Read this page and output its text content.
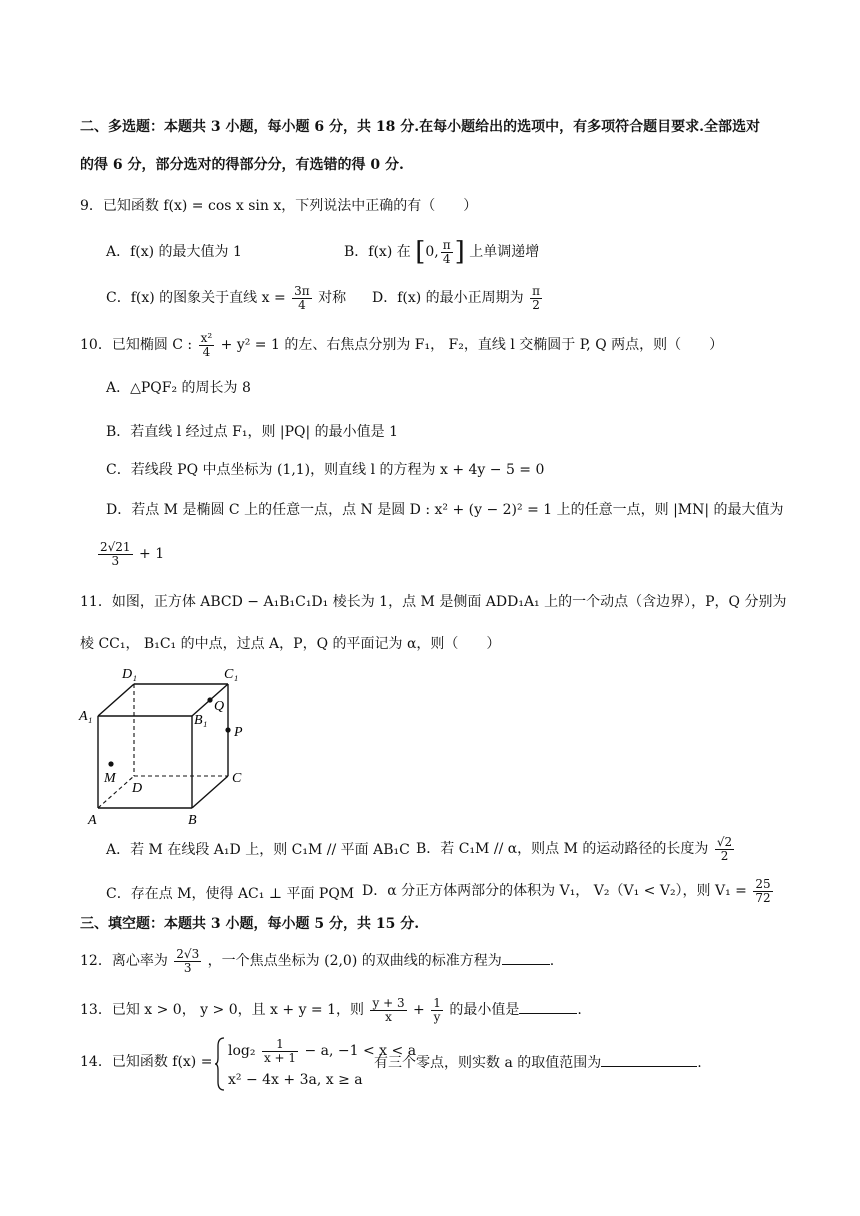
二、多选题：本题共 3 小题，每小题 6 分，共 18 分.在每小题给出的选项中，有多项符合题目要求.全部选对
的得 6 分，部分选对的得部分分，有选错的得 0 分.
9．已知函数 f(x) = cos x sin x，下列说法中正确的有（　　）
A．f(x) 的最大值为 1	B．f(x) 在 [0, $\frac{\pi}{4}$ ] 上单调递增
C．f(x) 的图象关于直线 $x = \frac{3\pi}{4}$ 对称 D．f(x) 的最小正周期为 $\frac{\pi}{2}$
10．已知椭圆 C : $\frac{\text{x²}}{4} + y^2 = 1$ 的左、右焦点分别为 F₁， F₂，直线 l 交椭圆于 P, Q 两点，则（　　）
A．△PQF₂ 的周长为 8
B．若直线 l 经过点 F₁，则 |PQ| 的最小值是 1
C．若线段 PQ 中点坐标为 (1,1)，则直线 l 的方程为 x + 4y − 5 = 0
D．若点 M 是椭圆 C 上的任意一点，点 N 是圆 D : x² + (y − 2)² = 1 上的任意一点，则 |MN| 的最大值为
$\frac{2√21}{3} + 1$
11．如图，正方体 ABCD − A₁B₁C₁D₁ 棱长为 1，点 M 是侧面 ADD₁A₁ 上的一个动点（含边界），P，Q 分别为
棱 CC₁， B₁C₁ 的中点，过点 A，P，Q 的平面记为 α，则（　　）
D₁	C₁
A₁	B₁
Q
P
M
D
C
A	B
A．若 M 在线段 A₁D 上，则 C₁M // 平面 AB₁C B．若 C₁M // α，则点 M 的运动路径的长度为 $\frac{√2}{2}$
C．存在点 M，使得 AC₁ ⊥ 平面 PQM D．α 分正方体两部分的体积为 V₁， V₂（V₁ < V₂），则 $V_1 = \frac{25}{72}$
三、填空题：本题共 3 小题，每小题 5 分，共 15 分.
12．离心率为 $\frac{2√3}{3}$ ，一个焦点坐标为 (2,0) 的双曲线的标准方程为	.
13．已知 x > 0， y > 0，且 x + y = 1，则 $\frac{y + 3}{x} + \frac{1}{y}$ 的最小值是	.
14．已知函数 f(x) =
$\log_2 \frac{1}{x + 1} - a$, −1 < x < a
x² − 4x + 3a, x ≥ a
有三个零点，则实数 a 的取值范围为	.
